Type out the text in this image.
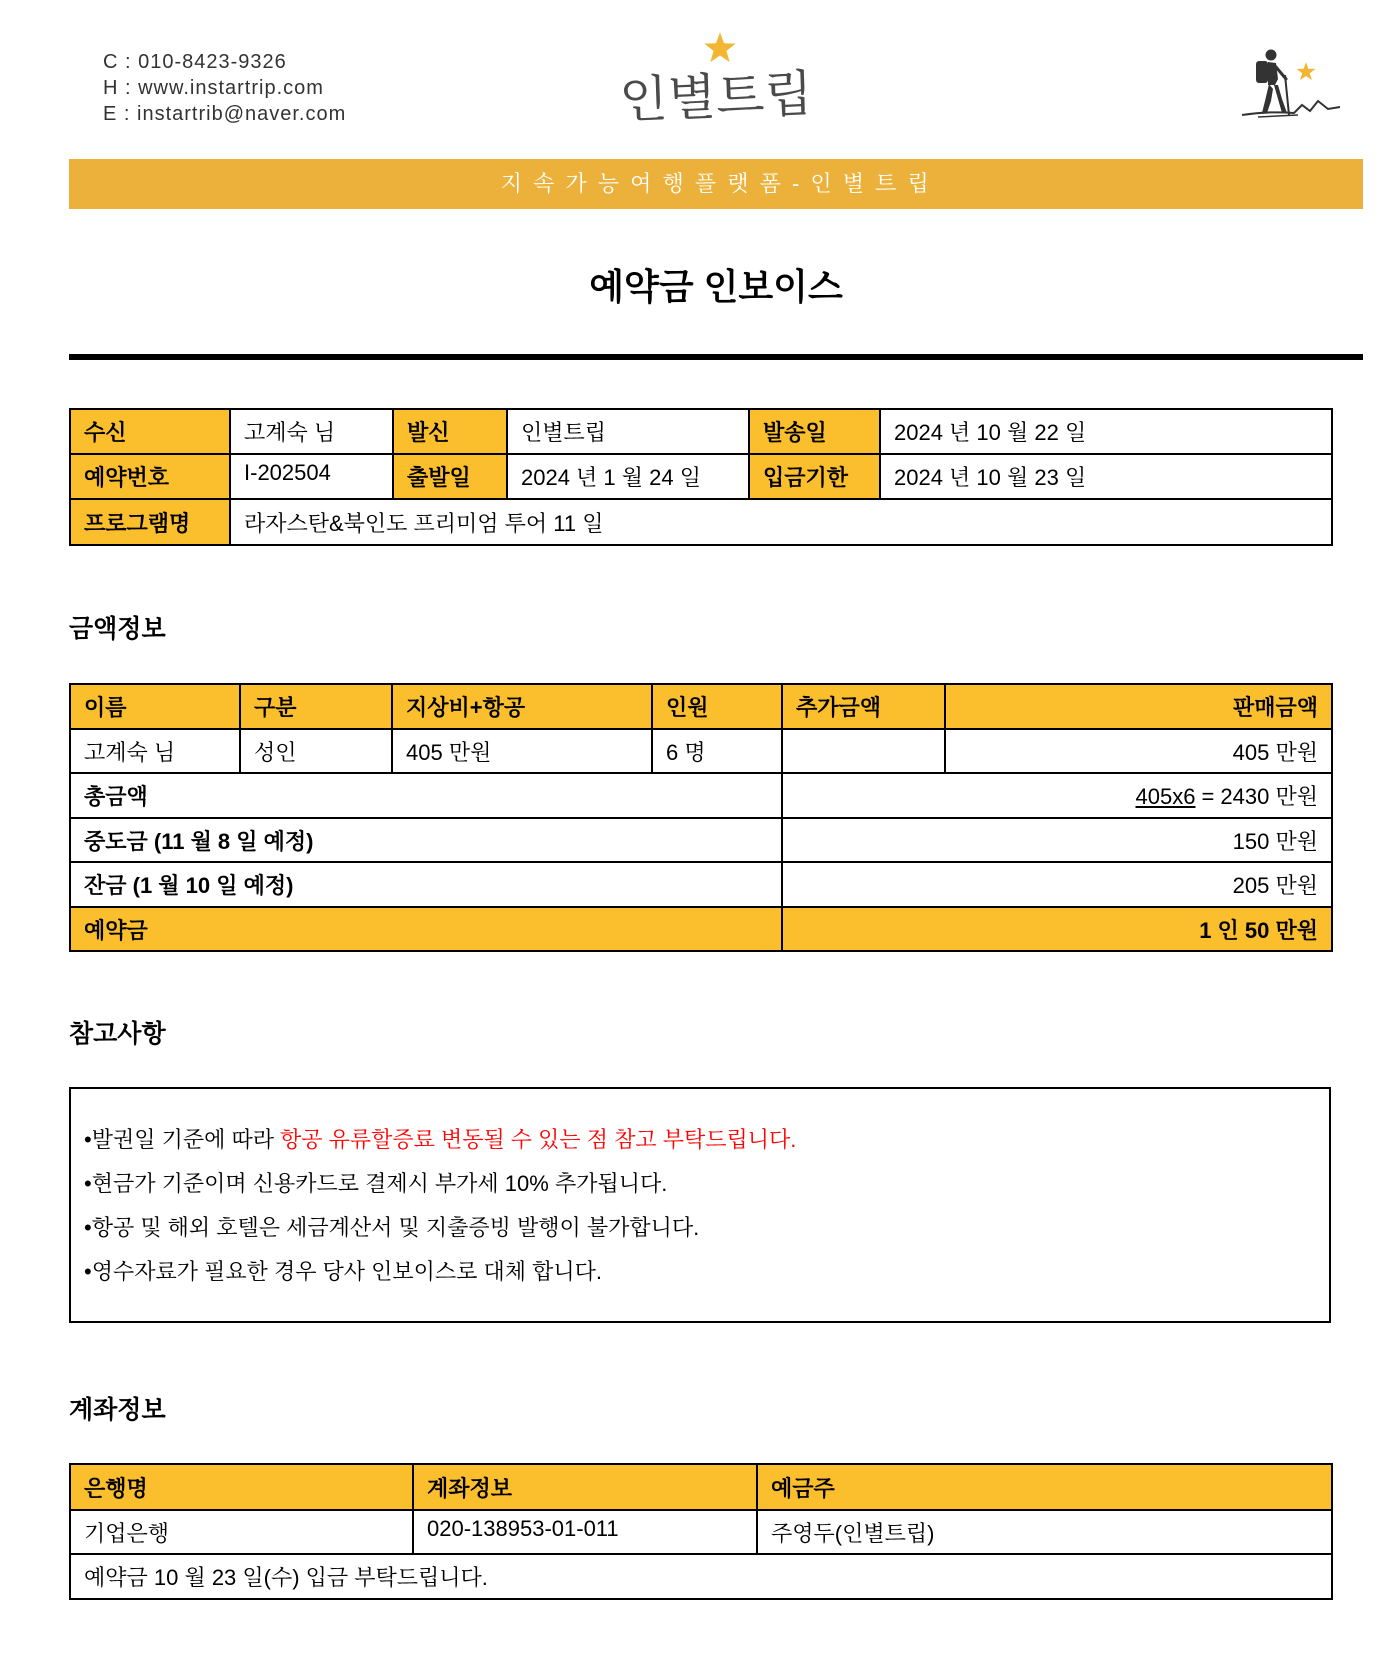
C : 010-8423-9326
H : www.instartrip.com
E : instartrib@naver.com	인별트립
지 속 가 능 여 행 플 랫 폼 - 인 별 트 립
예약금 인보이스
수신	고계숙 님	발신	인별트립	발송일	2024 년 10 월 22 일
예약번호	I-202504	출발일	2024 년 1 월 24 일	입금기한	2024 년 10 월 23 일
프로그램명	라자스탄&북인도 프리미엄 투어 11 일				
금액정보
이름	구분	지상비+항공	인원	추가금액	판매금액
고계숙 님	성인	405 만원	6 명		405 만원
총금액				405x6 = 2430 만원	
중도금 (11 월 8 일 예정)				150 만원	
잔금 (1 월 10 일 예정)				205 만원	
예약금				1 인 50 만원	
참고사항
•발권일 기준에 따라 항공 유류할증료 변동될 수 있는 점 참고 부탁드립니다.
•현금가 기준이며 신용카드로 결제시 부가세 10% 추가됩니다.
•항공 및 해외 호텔은 세금계산서 및 지출증빙 발행이 불가합니다.
•영수자료가 필요한 경우 당사 인보이스로 대체 합니다.
계좌정보
은행명	계좌정보	예금주
기업은행	020-138953-01-011	주영두(인별트립)
예약금 10 월 23 일(수) 입금 부탁드립니다.		
